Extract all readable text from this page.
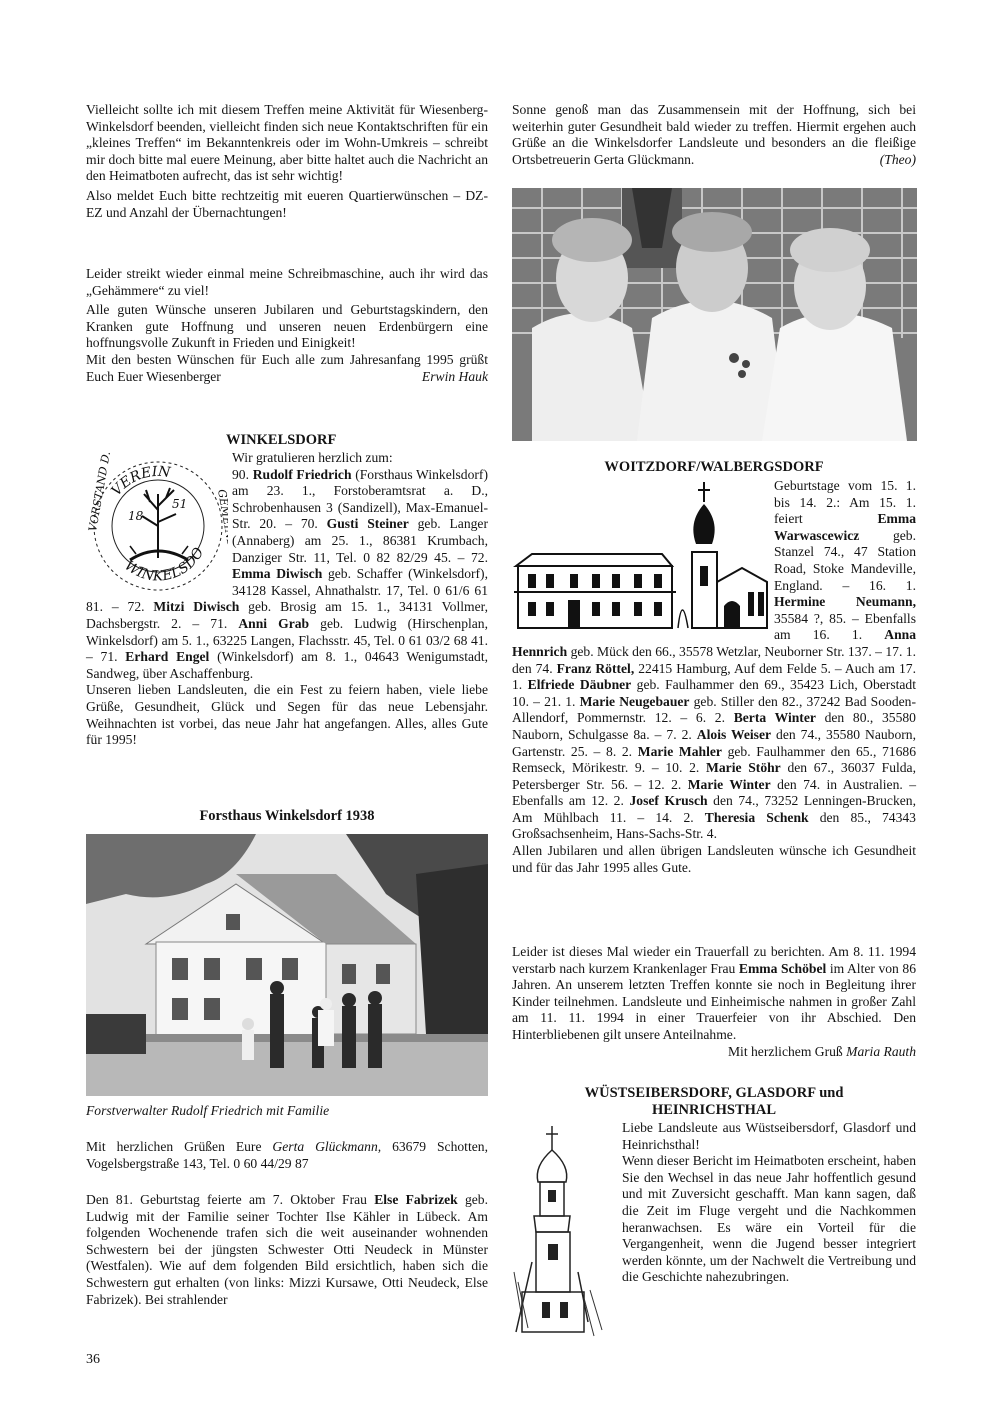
Vielleicht sollte ich mit diesem Treffen meine Aktivität für Wiesenberg-Winkelsdorf beenden, vielleicht finden sich neue Kontaktschriften für ein „kleines Treffen“ im Bekanntenkreis oder im Wohn-Umkreis – schreibt mir doch bitte mal euere Meinung, aber bitte haltet auch die Nachricht an den Heimatboten aufrecht, das ist sehr wichtig!

Also meldet Euch bitte rechtzeitig mit eueren Quartierwünschen – DZ-EZ und Anzahl der Übernachtungen!

Leider streikt wieder einmal meine Schreibmaschine, auch ihr wird das „Gehämmere“ zu viel!

Alle guten Wünsche unseren Jubilaren und Geburtstagskindern, den Kranken gute Hoffnung und unseren neuen Erdenbürgern eine hoffnungsvolle Zukunft in Frieden und Einigkeit!

Mit den besten Wünschen für Euch alle zum Jahresanfang 1995 grüßt Euch Euer Wiesenberger	Erwin Hauk

WINKELSDORF
VEREIN
WINKELSDO
VORSTAND D.	GEMEINDE
18
51

Wir gratulieren herzlich zum:
90. Rudolf Friedrich (Forsthaus Winkelsdorf) am 23. 1., Forstoberamtsrat a. D., Schrobenhausen 3 (Sandizell), Max-Emanuel-Str. 20. – 70. Gusti Steiner geb. Langer (Annaberg) am 25. 1., 86381 Krumbach, Danziger Str. 11, Tel. 0 82 82/29 45. – 72. Emma Diwisch geb. Schaffer (Winkelsdorf), 34128 Kassel, Ahnathalstr. 17, Tel. 0 61/6 61 81. – 72. Mitzi Diwisch geb. Brosig am 15. 1., 34131 Vollmer, Dachsbergstr. 2. – 71. Anni Grab geb. Ludwig (Hirschenplan, Winkelsdorf) am 5. 1., 63225 Langen, Flachsstr. 45, Tel. 0 61 03/2 68 41. – 71. Erhard Engel (Winkelsdorf) am 8. 1., 04643 Wenigumstadt, Sandweg, über Aschaffenburg.

Unseren lieben Landsleuten, die ein Fest zu feiern haben, viele liebe Grüße, Gesundheit, Glück und Segen für das neue Lebensjahr. Weihnachten ist vorbei, das neue Jahr hat angefangen. Alles, alles Gute für 1995!

Forsthaus Winkelsdorf 1938
Forstverwalter Rudolf Friedrich mit Familie

Mit herzlichen Grüßen Eure Gerta Glückmann, 63679 Schotten, Vogelsbergstraße 143, Tel. 0 60 44/29 87

Den 81. Geburtstag feierte am 7. Oktober Frau Else Fabrizek geb. Ludwig mit der Familie seiner Tochter Ilse Kähler in Lübeck. Am folgenden Wochenende trafen sich die weit auseinander wohnenden Schwestern bei der jüngsten Schwester Otti Neudeck in Münster (Westfalen). Wie auf dem folgenden Bild ersichtlich, haben sich die Schwestern gut erhalten (von links: Mizzi Kursawe, Otti Neudeck, Else Fabrizek). Bei strahlender

36

Sonne genoß man das Zusammensein mit der Hoffnung, sich bei weiterhin guter Gesundheit bald wieder zu treffen. Hiermit ergehen auch Grüße an die Winkelsdorfer Landsleute und besonders an die fleißige Ortsbetreuerin Gerta Glückmann.	(Theo)

WOITZDORF/WALBERGSDORF

Geburtstage vom 15. 1. bis 14. 2.: Am 15. 1. feiert	Emma Warwascewicz geb. Stanzel 74., 47 Station Road, Stoke Mandeville, England. – 16. 1. Hermine Neumann, 35584 ?, 85. – Ebenfalls am 16. 1. Anna Hennrich geb. Mück den 66., 35578 Wetzlar, Neuborner Str. 137. – 17. 1. den 74. Franz Röttel, 22415 Hamburg, Auf dem Felde 5. – Auch am 17. 1. Elfriede Däubner geb. Faulhammer den 69., 35423 Lich, Oberstadt 10. – 21. 1. Marie Neugebauer geb. Stiller den 82., 37242 Bad Sooden-Allendorf, Pommernstr. 12. – 6. 2. Berta Winter den 80., 35580 Nauborn, Schulgasse 8a. – 7. 2. Alois Weiser den 74., 35580 Nauborn, Gartenstr. 25. – 8. 2. Marie Mahler geb. Faulhammer den 65., 71686 Remseck, Mörikestr. 9. – 10. 2. Marie Stöhr den 67., 36037 Fulda, Petersberger Str. 56. – 12. 2. Marie Winter den 74. in Australien. – Ebenfalls am 12. 2. Josef Krusch den 74., 73252 Lenningen-Brucken, Am Mühlbach 11. – 14. 2. Theresia Schenk den 85., 74343 Großsachsenheim, Hans-Sachs-Str. 4.

Allen Jubilaren und allen übrigen Landsleuten wünsche ich Gesundheit und für das Jahr 1995 alles Gute.

Leider ist dieses Mal wieder ein Trauerfall zu berichten. Am 8. 11. 1994 verstarb nach kurzem Krankenlager Frau Emma Schöbel im Alter von 86 Jahren. An unserem letzten Treffen konnte sie noch in Begleitung ihrer Kinder teilnehmen. Landsleute und Einheimische nahmen in großer Zahl am 11. 11. 1994 in einer Trauerfeier von ihr Abschied. Den Hinterbliebenen gilt unsere Anteilnahme.
Mit herzlichem Gruß Maria Rauth

WÜSTSEIBERSDORF, GLASDORF und
HEINRICHSTHAL

Liebe Landsleute aus Wüstseibersdorf, Glasdorf und Heinrichsthal!

Wenn dieser Bericht im Heimatboten erscheint, haben Sie den Wechsel in das neue Jahr hoffentlich gesund und mit Zuversicht geschafft. Man kann sagen, daß die Zeit im Fluge vergeht und die Nachkommen heranwachsen. Es wäre ein Vorteil für die Vergangenheit, wenn die Jugend besser integriert werden könnte, um der Nachwelt die Vertreibung und die Geschichte nahezubringen.
